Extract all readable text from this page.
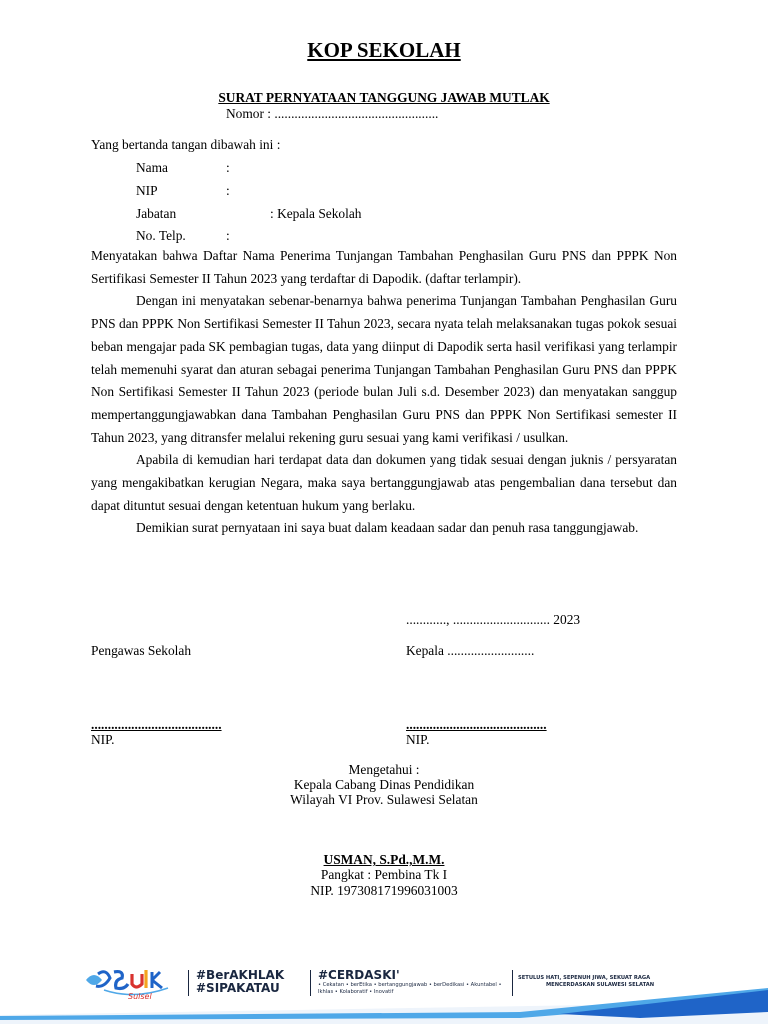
KOP SEKOLAH
SURAT PERNYATAAN TANGGUNG JAWAB MUTLAK
Nomor : .................................................
Yang bertanda tangan dibawah ini :
Nama	:
NIP	:
Jabatan	: Kepala Sekolah
No. Telp.	:

Menyatakan bahwa Daftar Nama Penerima Tunjangan Tambahan Penghasilan Guru PNS dan PPPK Non Sertifikasi Semester II Tahun 2023 yang terdaftar di Dapodik. (daftar terlampir).

Dengan ini menyatakan sebenar-benarnya bahwa penerima Tunjangan Tambahan Penghasilan Guru PNS dan PPPK Non Sertifikasi Semester II Tahun 2023, secara nyata telah melaksanakan tugas pokok sesuai beban mengajar pada SK pembagian tugas, data yang diinput di Dapodik serta hasil verifikasi yang terlampir telah memenuhi syarat dan aturan sebagai penerima Tunjangan Tambahan Penghasilan Guru PNS dan PPPK Non Sertifikasi Semester II Tahun 2023 (periode bulan Juli s.d. Desember 2023) dan menyatakan sanggup mempertanggungjawabkan dana Tambahan Penghasilan Guru PNS dan PPPK Non Sertifikasi semester II Tahun 2023, yang ditransfer melalui rekening guru sesuai yang kami verifikasi / usulkan.

Apabila di kemudian hari terdapat data dan dokumen yang tidak sesuai dengan juknis / persyaratan yang mengakibatkan kerugian Negara, maka saya bertanggungjawab atas pengembalian dana tersebut dan dapat dituntut sesuai dengan ketentuan hukum yang berlaku.

Demikian surat pernyataan ini saya buat dalam keadaan sadar dan penuh rasa tanggungjawab.

............, ............................. 2023
Pengawas Sekolah	Kepala ..........................
.......................................	..........................................
NIP.	NIP.
Mengetahui :
Kepala Cabang Dinas Pendidikan
Wilayah VI Prov. Sulawesi Selatan
USMAN, S.Pd.,M.M.
Pangkat : Pembina Tk I
NIP. 197308171996031003
Sulsel
#BerAKHLAK
#SIPAKATAU
#CERDASKI'
• Cekatan • berEtika • bertanggungjawab • berDedikasi • Akuntabel • Ikhlas • Kolaboratif • Inovatif
SETULUS HATI, SEPENUH JIWA, SEKUAT RAGA
MENCERDASKAN SULAWESI SELATAN
